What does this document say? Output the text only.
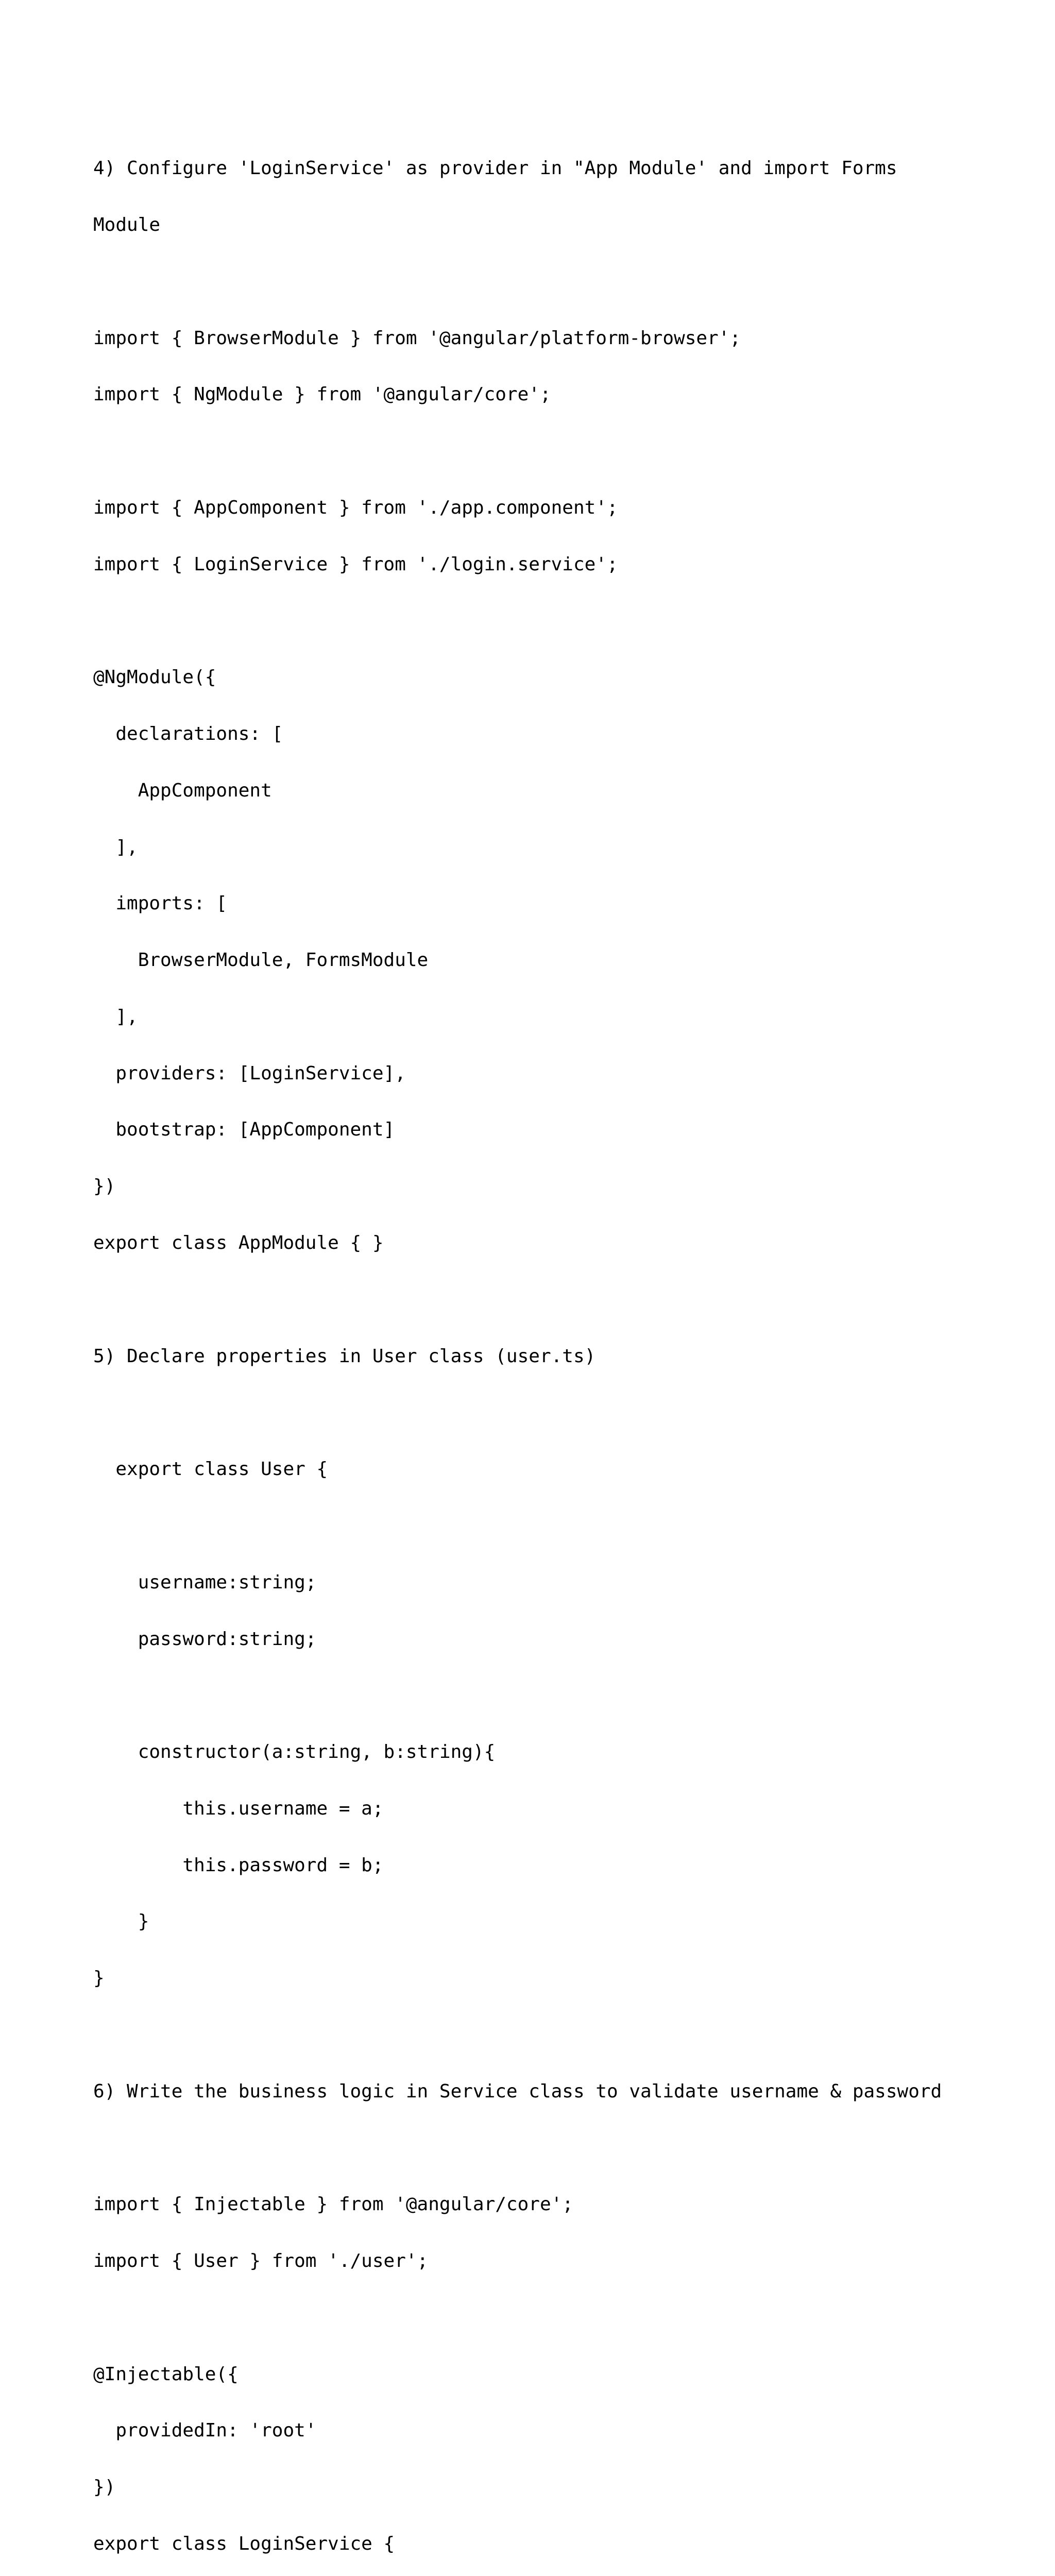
4) Configure 'LoginService' as provider in "App Module' and import Forms

Module

import { BrowserModule } from '@angular/platform-browser';

import { NgModule } from '@angular/core';

import { AppComponent } from './app.component';

import { LoginService } from './login.service';

@NgModule({

declarations: [

AppComponent

],

imports: [

BrowserModule, FormsModule

],

providers: [LoginService],

bootstrap: [AppComponent]

})

export class AppModule { }

5) Declare properties in User class (user.ts)

export class User {

username:string;

password:string;

constructor(a:string, b:string){

this.username = a;

this.password = b;

}

}

6) Write the business logic in Service class to validate username & password

import { Injectable } from '@angular/core';

import { User } from './user';

@Injectable({

providedIn: 'root'

})

export class LoginService {
